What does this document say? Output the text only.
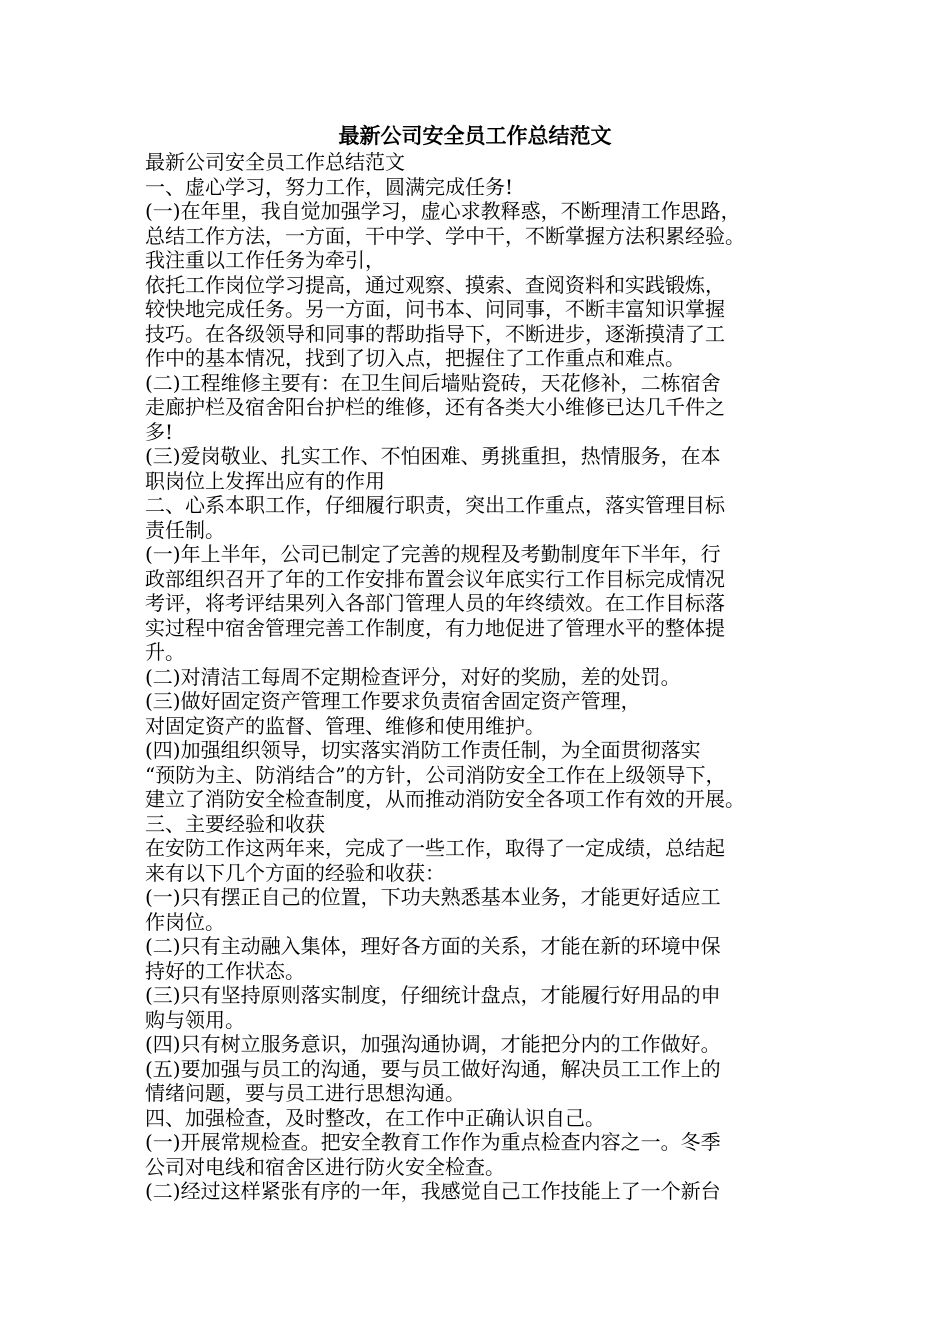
最新公司安全员工作总结范文
最新公司安全员工作总结范文
一、虚心学习，努力工作，圆满完成任务!
(一)在年里，我自觉加强学习，虚心求教释惑，不断理清工作思路，
总结工作方法，一方面，干中学、学中干，不断掌握方法积累经验。
我注重以工作任务为牵引，
依托工作岗位学习提高，通过观察、摸索、查阅资料和实践锻炼，
较快地完成任务。另一方面，问书本、问同事，不断丰富知识掌握
技巧。在各级领导和同事的帮助指导下，不断进步，逐渐摸清了工
作中的基本情况，找到了切入点，把握住了工作重点和难点。
(二)工程维修主要有：在卫生间后墙贴瓷砖，天花修补，二栋宿舍
走廊护栏及宿舍阳台护栏的维修，还有各类大小维修已达几千件之
多!
(三)爱岗敬业、扎实工作、不怕困难、勇挑重担，热情服务，在本
职岗位上发挥出应有的作用
二、心系本职工作，仔细履行职责，突出工作重点，落实管理目标
责任制。
(一)年上半年，公司已制定了完善的规程及考勤制度年下半年，行
政部组织召开了年的工作安排布置会议年底实行工作目标完成情况
考评，将考评结果列入各部门管理人员的年终绩效。在工作目标落
实过程中宿舍管理完善工作制度，有力地促进了管理水平的整体提
升。
(二)对清洁工每周不定期检查评分，对好的奖励，差的处罚。
(三)做好固定资产管理工作要求负责宿舍固定资产管理，
对固定资产的监督、管理、维修和使用维护。
(四)加强组织领导，切实落实消防工作责任制，为全面贯彻落实
“预防为主、防消结合”的方针，公司消防安全工作在上级领导下，
建立了消防安全检查制度，从而推动消防安全各项工作有效的开展。
三、主要经验和收获
在安防工作这两年来，完成了一些工作，取得了一定成绩，总结起
来有以下几个方面的经验和收获：
(一)只有摆正自己的位置，下功夫熟悉基本业务，才能更好适应工
作岗位。
(二)只有主动融入集体，理好各方面的关系，才能在新的环境中保
持好的工作状态。
(三)只有坚持原则落实制度，仔细统计盘点，才能履行好用品的申
购与领用。
(四)只有树立服务意识，加强沟通协调，才能把分内的工作做好。
(五)要加强与员工的沟通，要与员工做好沟通，解决员工工作上的
情绪问题，要与员工进行思想沟通。
四、加强检查，及时整改，在工作中正确认识自己。
(一)开展常规检查。把安全教育工作作为重点检查内容之一。冬季
公司对电线和宿舍区进行防火安全检查。
(二)经过这样紧张有序的一年，我感觉自己工作技能上了一个新台
